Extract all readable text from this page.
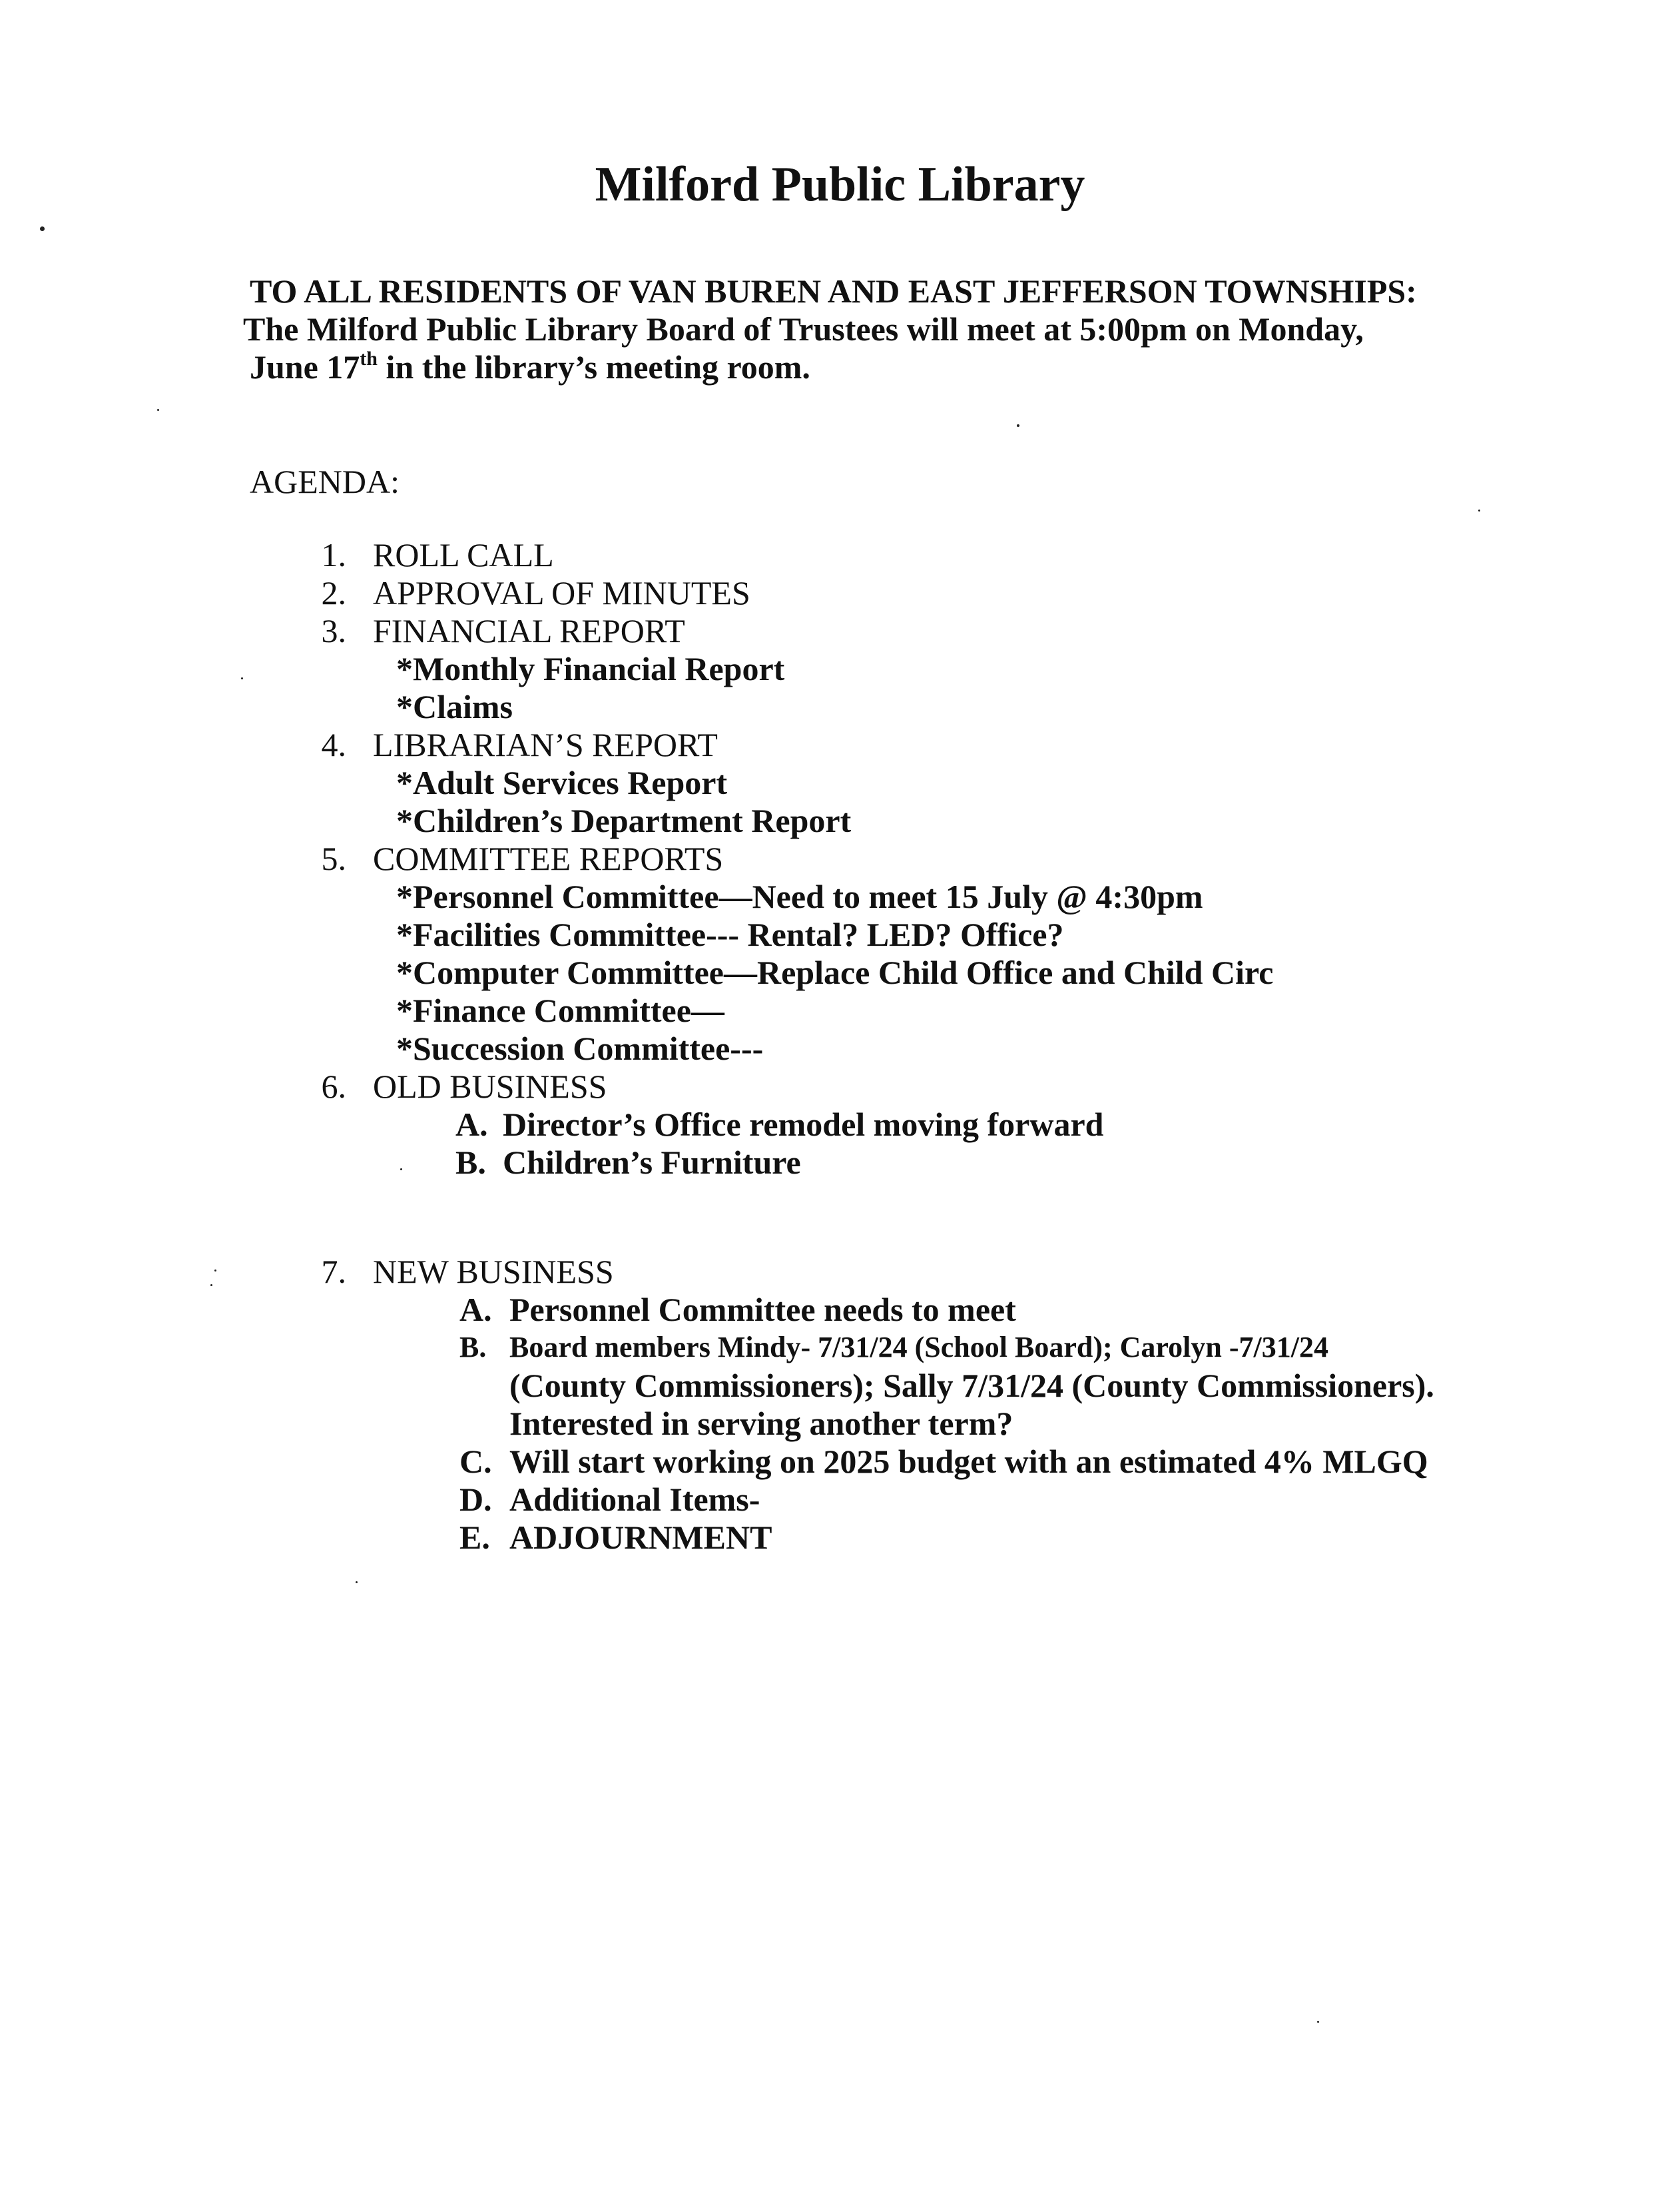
Milford Public Library
TO ALL RESIDENTS OF VAN BUREN AND EAST JEFFERSON TOWNSHIPS:
The Milford Public Library Board of Trustees will meet at 5:00pm on Monday,
June 17th in the library’s meeting room.
AGENDA:
1. ROLL CALL
2. APPROVAL OF MINUTES
3. FINANCIAL REPORT
*Monthly Financial Report
*Claims
4. LIBRARIAN’S REPORT
*Adult Services Report
*Children’s Department Report
5. COMMITTEE REPORTS
*Personnel Committee—Need to meet 15 July @ 4:30pm
*Facilities Committee--- Rental? LED? Office?
*Computer Committee—Replace Child Office and Child Circ
*Finance Committee—
*Succession Committee---
6. OLD BUSINESS
A. Director’s Office remodel moving forward
B. Children’s Furniture
7. NEW BUSINESS
A. Personnel Committee needs to meet
B. Board members Mindy- 7/31/24 (School Board); Carolyn -7/31/24
(County Commissioners); Sally 7/31/24 (County Commissioners).
Interested in serving another term?
C. Will start working on 2025 budget with an estimated 4% MLGQ
D. Additional Items-
E. ADJOURNMENT
